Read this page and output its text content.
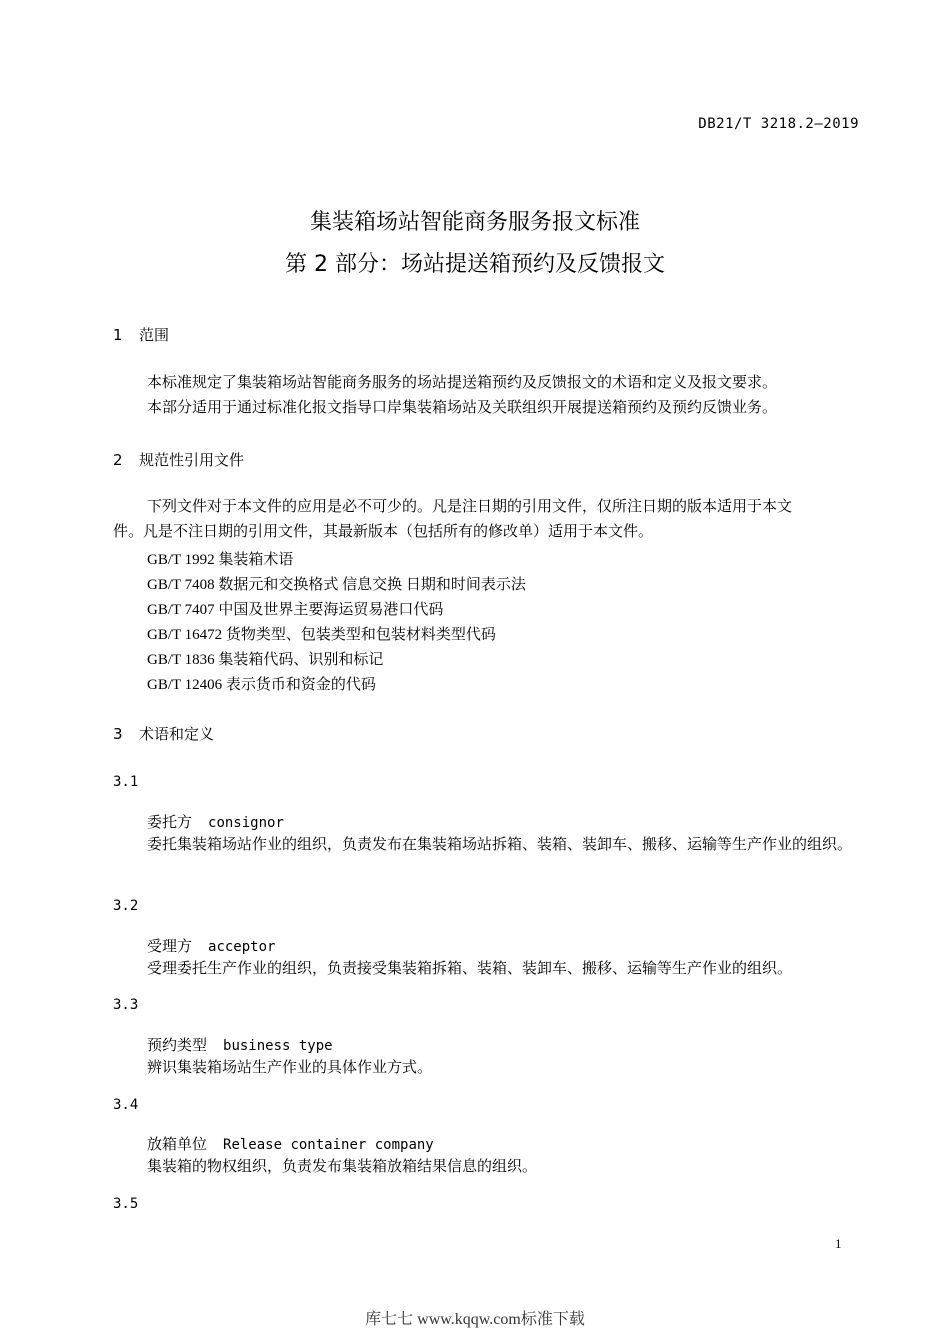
DB21/T 3218.2—2019
集装箱场站智能商务服务报文标准
第 2 部分：场站提送箱预约及反馈报文
1 范围
本标准规定了集装箱场站智能商务服务的场站提送箱预约及反馈报文的术语和定义及报文要求。
本部分适用于通过标准化报文指导口岸集装箱场站及关联组织开展提送箱预约及预约反馈业务。
2 规范性引用文件
下列文件对于本文件的应用是必不可少的。凡是注日期的引用文件，仅所注日期的版本适用于本文
件。凡是不注日期的引用文件，其最新版本（包括所有的修改单）适用于本文件。
GB/T 1992 集装箱术语
GB/T 7408 数据元和交换格式 信息交换 日期和时间表示法
GB/T 7407 中国及世界主要海运贸易港口代码
GB/T 16472 货物类型、包装类型和包装材料类型代码
GB/T 1836 集装箱代码、识别和标记
GB/T 12406 表示货币和资金的代码
3 术语和定义
3.1
委托方 consignor
委托集装箱场站作业的组织，负责发布在集装箱场站拆箱、装箱、装卸车、搬移、运输等生产作业的组织。
3.2
受理方 acceptor
受理委托生产作业的组织，负责接受集装箱拆箱、装箱、装卸车、搬移、运输等生产作业的组织。
3.3
预约类型 business type
辨识集装箱场站生产作业的具体作业方式。
3.4
放箱单位 Release container company
集装箱的物权组织，负责发布集装箱放箱结果信息的组织。
3.5
1
库七七 www.kqqw.com标准下载
